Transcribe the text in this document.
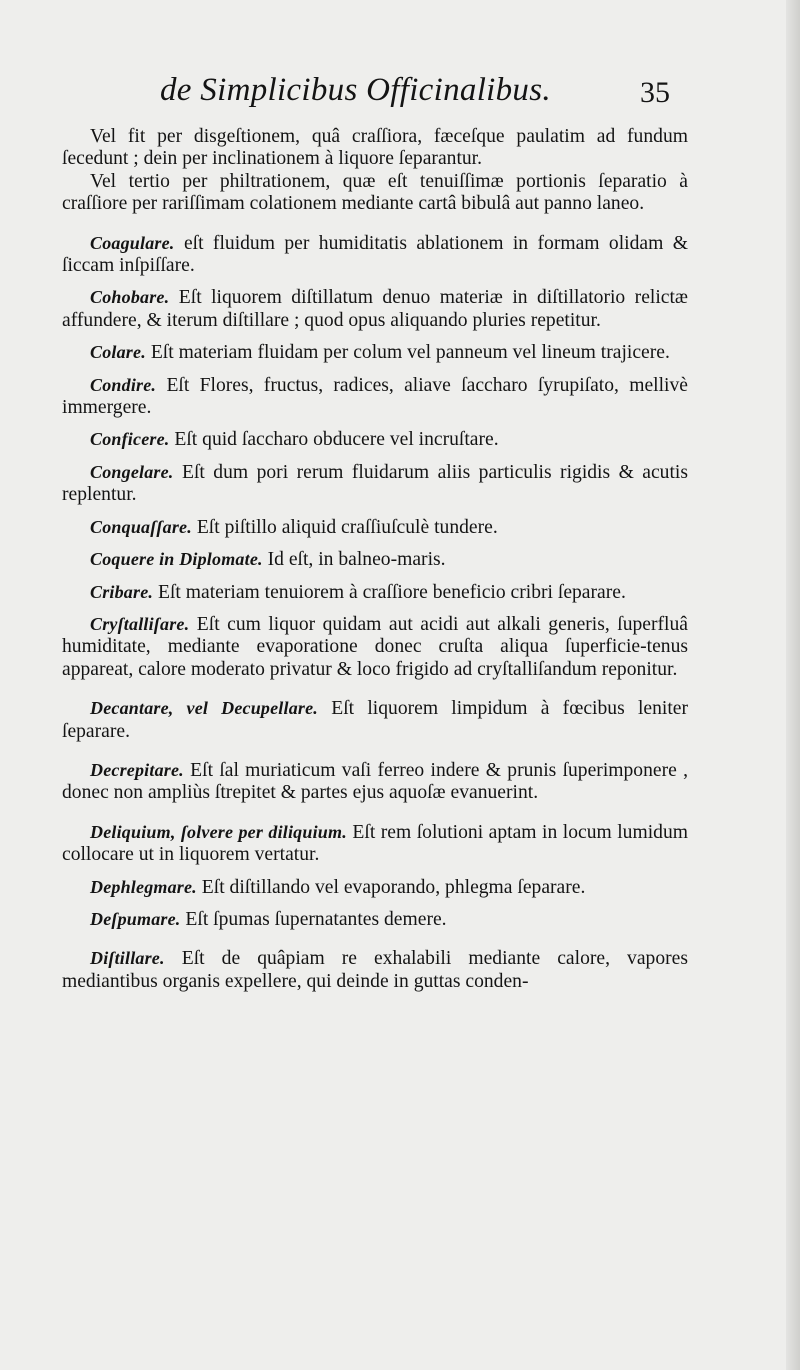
de Simplicibus Officinalibus.	35

Vel fit per disgeſtionem, quâ craſſiora, fæceſque paulatim ad fundum ſecedunt ; dein per inclinationem à liquore ſeparantur.

Vel tertio per philtrationem, quæ eſt tenuiſſimæ portionis ſeparatio à craſſiore per rariſſimam colationem mediante cartâ bibulâ aut panno laneo.

Coagulare. eſt fluidum per humiditatis ablationem in formam olidam & ſiccam inſpiſſare.

Cohobare. Eſt liquorem diſtillatum denuo materiæ in diſtillatorio relictæ affundere, & iterum diſtillare ; quod opus aliquando pluries repetitur.

Colare. Eſt materiam fluidam per colum vel panneum vel lineum trajicere.

Condire. Eſt Flores, fructus, radices, aliave ſaccharo ſyrupiſato, mellivè immergere.

Conficere. Eſt quid ſaccharo obducere vel incruſtare.

Congelare. Eſt dum pori rerum fluidarum aliis particulis rigidis & acutis replentur.

Conquaſſare. Eſt piſtillo aliquid craſſiuſculè tundere.

Coquere in Diplomate. Id eſt, in balneo-maris.

Cribare. Eſt materiam tenuiorem à craſſiore beneficio cribri ſeparare.

Cryſtalliſare. Eſt cum liquor quidam aut acidi aut alkali generis, ſuperfluâ humiditate, mediante evaporatione donec cruſta aliqua ſuperficie-tenus appareat, calore moderato privatur & loco frigido ad cryſtalliſandum reponitur.

Decantare, vel Decupellare. Eſt liquorem limpidum à fœcibus leniter ſeparare.

Decrepitare. Eſt ſal muriaticum vaſi ferreo indere & prunis ſuperimponere , donec non ampliùs ſtrepitet & partes ejus aquoſæ evanuerint.

Deliquium, ſolvere per diliquium. Eſt rem ſolutioni aptam in locum lumidum collocare ut in liquorem vertatur.

Dephlegmare. Eſt diſtillando vel evaporando, phlegma ſeparare.

Deſpumare. Eſt ſpumas ſupernatantes demere.

Diſtillare. Eſt de quâpiam re exhalabili mediante calore, vapores mediantibus organis expellere, qui deinde in guttas conden-
